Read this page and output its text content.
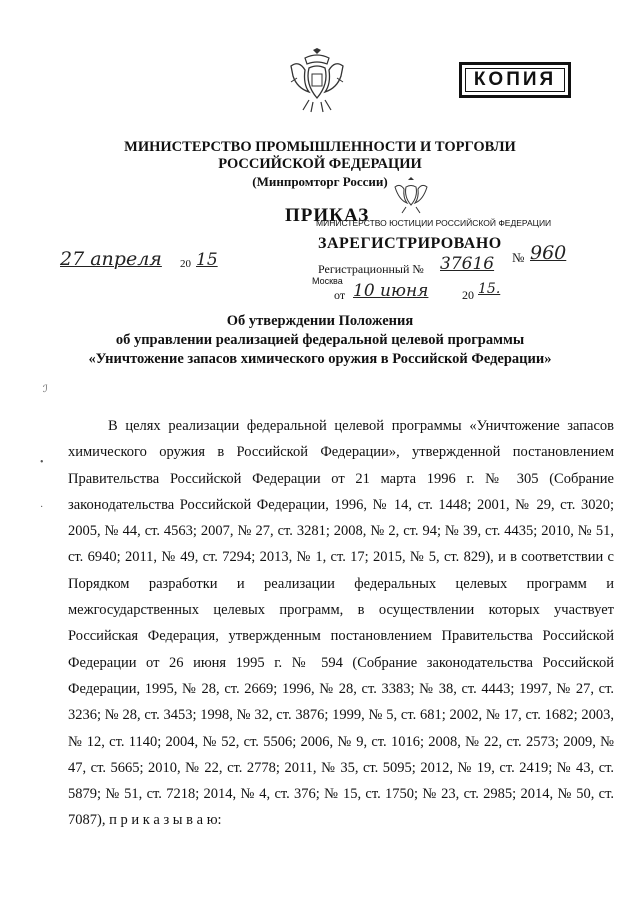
КОПИЯ
МИНИСТЕРСТВО ПРОМЫШЛЕННОСТИ И ТОРГОВЛИ
РОССИЙСКОЙ ФЕДЕРАЦИИ
(Минпромторг России)
ПРИКАЗ
27 апреля 20 15	№ 960
МИНИСТЕРСТВО ЮСТИЦИИ РОССИЙСКОЙ ФЕДЕРАЦИИ
ЗАРЕГИСТРИРОВАНО
Регистрационный № 37616
Москва
от 10 июня	20 15.
Об утверждении Положения
об управлении реализацией федеральной целевой программы
«Уничтожение запасов химического оружия в Российской Федерации»
ℐ
•
·

В целях реализации федеральной целевой программы «Уничтожение запасов химического оружия в Российской Федерации», утвержденной постановлением Правительства Российской Федерации от 21 марта 1996 г. № 305 (Собрание законодательства Российской Федерации, 1996, № 14, ст. 1448; 2001, № 29, ст. 3020; 2005, № 44, ст. 4563; 2007, № 27, ст. 3281; 2008, № 2, ст. 94; № 39, ст. 4435; 2010, № 51, ст. 6940; 2011, № 49, ст. 7294; 2013, № 1, ст. 17; 2015, № 5, ст. 829), и в соответствии с Порядком разработки и реализации федеральных целевых программ и межгосударственных целевых программ, в осуществлении которых участвует Российская Федерация, утвержденным постановлением Правительства Российской Федерации от 26 июня 1995 г. № 594 (Собрание законодательства Российской Федерации, 1995, № 28, ст. 2669; 1996, № 28, ст. 3383; № 38, ст. 4443; 1997, № 27, ст. 3236; № 28, ст. 3453; 1998, № 32, ст. 3876; 1999, № 5, ст. 681; 2002, № 17, ст. 1682; 2003, № 12, ст. 1140; 2004, № 52, ст. 5506; 2006, № 9, ст. 1016; 2008, № 22, ст. 2573; 2009, № 47, ст. 5665; 2010, № 22, ст. 2778; 2011, № 35, ст. 5095; 2012, № 19, ст. 2419; № 43, ст. 5879; № 51, ст. 7218; 2014, № 4, ст. 376; № 15, ст. 1750; № 23, ст. 2985; 2014, № 50, ст. 7087), п р и к а з ы в а ю:
